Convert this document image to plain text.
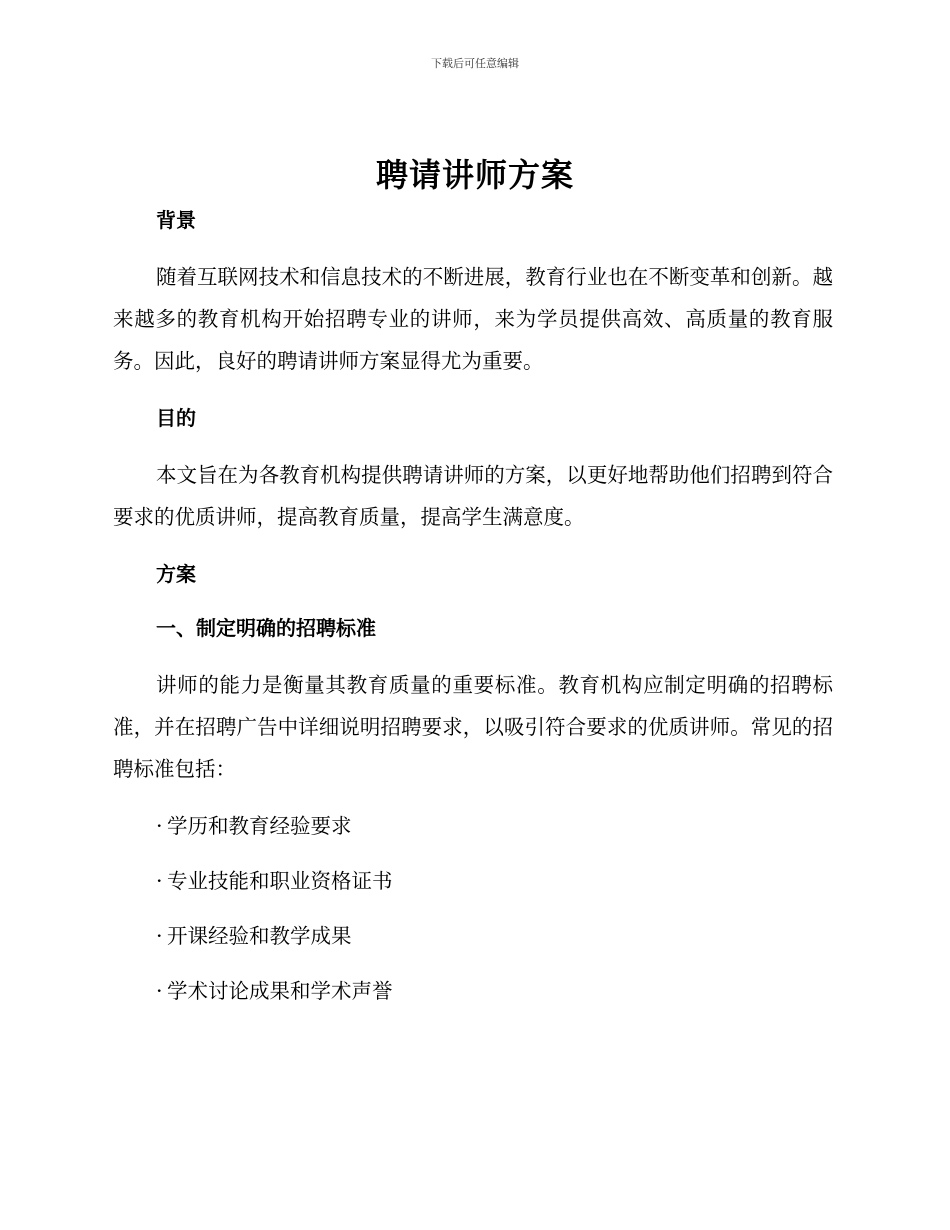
下载后可任意编辑
聘请讲师方案
背景

随着互联网技术和信息技术的不断进展，教育行业也在不断变革和创新。越来越多的教育机构开始招聘专业的讲师，来为学员提供高效、高质量的教育服务。因此，良好的聘请讲师方案显得尤为重要。

目的

本文旨在为各教育机构提供聘请讲师的方案，以更好地帮助他们招聘到符合要求的优质讲师，提高教育质量，提高学生满意度。

方案
一、制定明确的招聘标准

讲师的能力是衡量其教育质量的重要标准。教育机构应制定明确的招聘标准，并在招聘广告中详细说明招聘要求，以吸引符合要求的优质讲师。常见的招聘标准包括：

· 学历和教育经验要求
· 专业技能和职业资格证书
· 开课经验和教学成果
· 学术讨论成果和学术声誉
